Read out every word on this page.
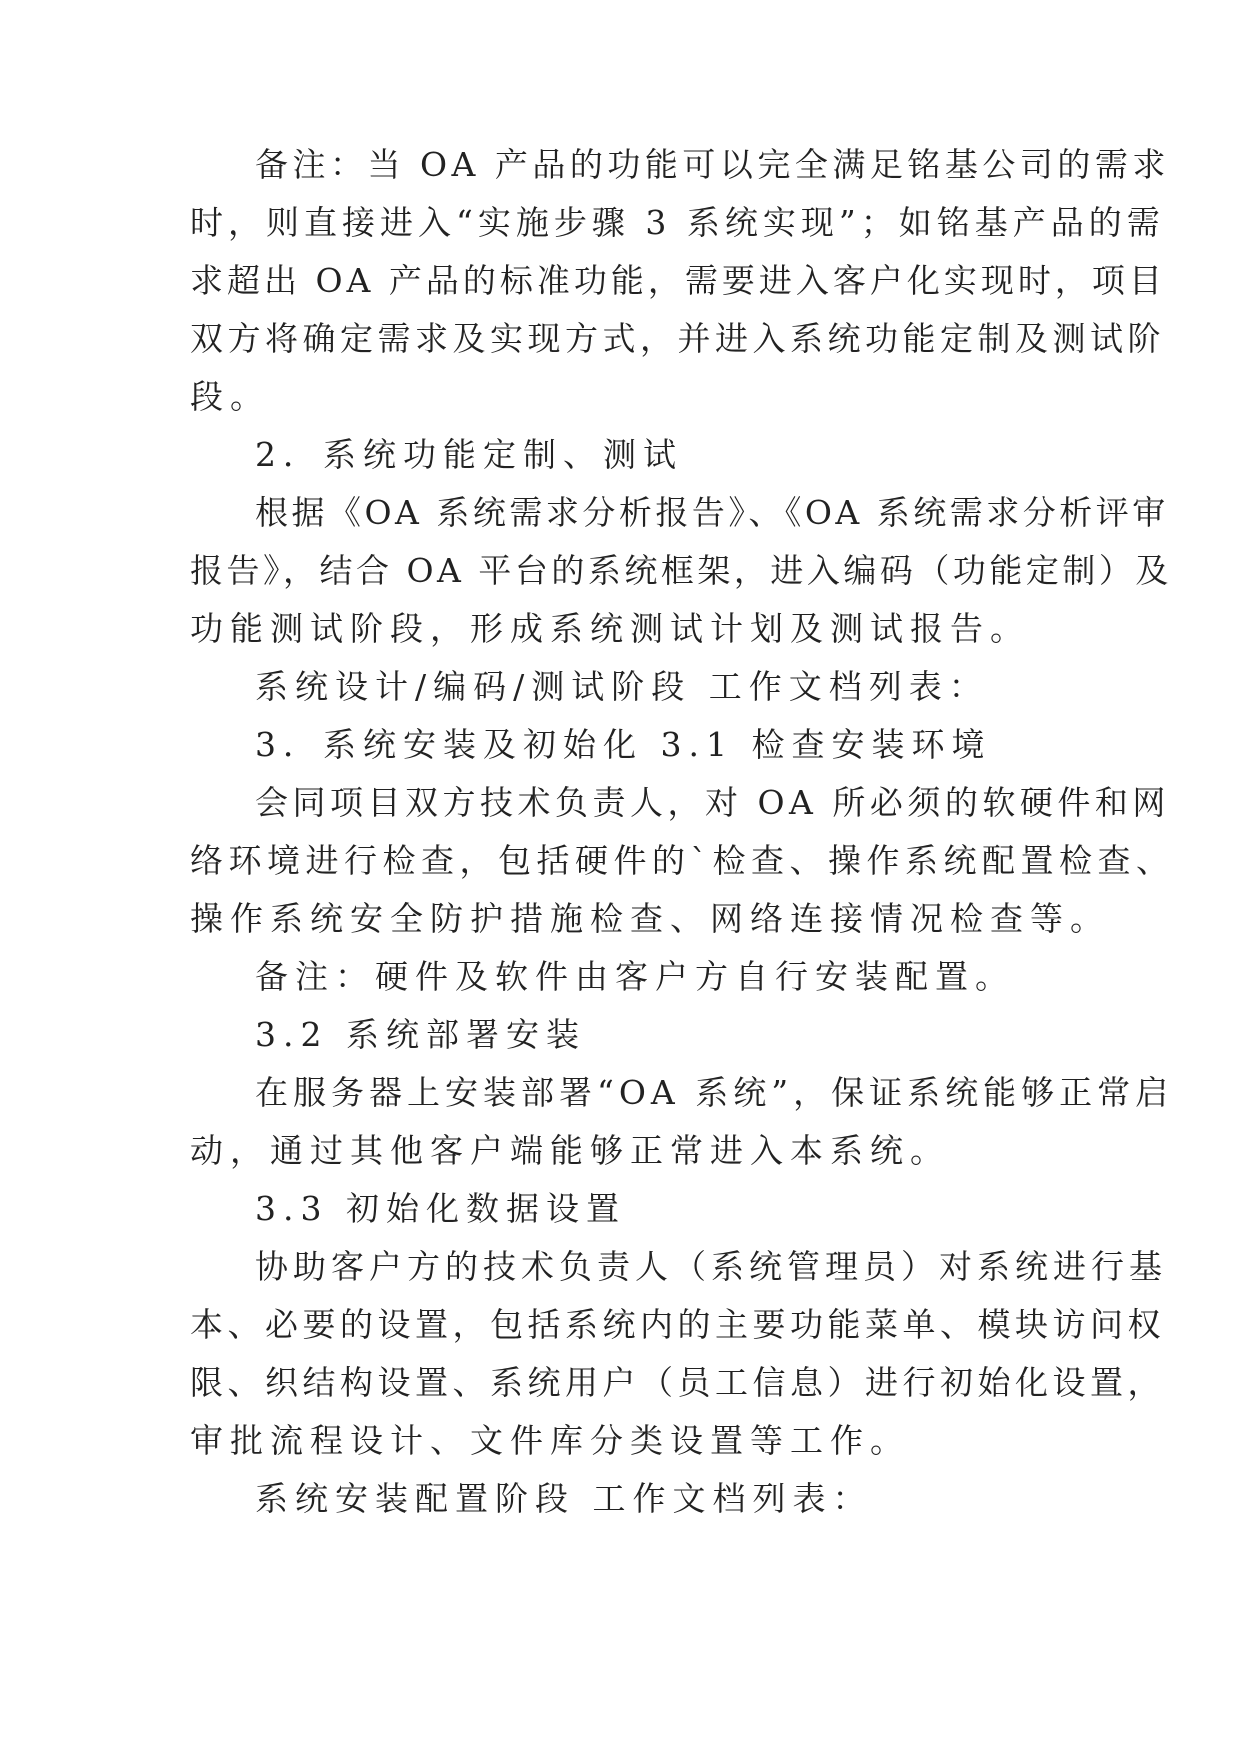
备注：当 OA 产品的功能可以完全满足铭基公司的需求
时，则直接进入“实施步骤 3 系统实现”；如铭基产品的需
求超出 OA 产品的标准功能，需要进入客户化实现时，项目
双方将确定需求及实现方式，并进入系统功能定制及测试阶
段。
2．系统功能定制、测试
根据《OA 系统需求分析报告》、《OA 系统需求分析评审
报告》，结合 OA 平台的系统框架，进入编码（功能定制）及
功能测试阶段，形成系统测试计划及测试报告。
系统设计/编码/测试阶段 工作文档列表：
3．系统安装及初始化 3.1 检查安装环境
会同项目双方技术负责人，对 OA 所必须的软硬件和网
络环境进行检查，包括硬件的`检查、操作系统配置检查、
操作系统安全防护措施检查、网络连接情况检查等。
备注：硬件及软件由客户方自行安装配置。
3.2 系统部署安装
在服务器上安装部署“OA 系统”，保证系统能够正常启
动，通过其他客户端能够正常进入本系统。
3.3 初始化数据设置
协助客户方的技术负责人（系统管理员）对系统进行基
本、必要的设置，包括系统内的主要功能菜单、模块访问权
限、织结构设置、系统用户（员工信息）进行初始化设置，
审批流程设计、文件库分类设置等工作。
系统安装配置阶段 工作文档列表：
